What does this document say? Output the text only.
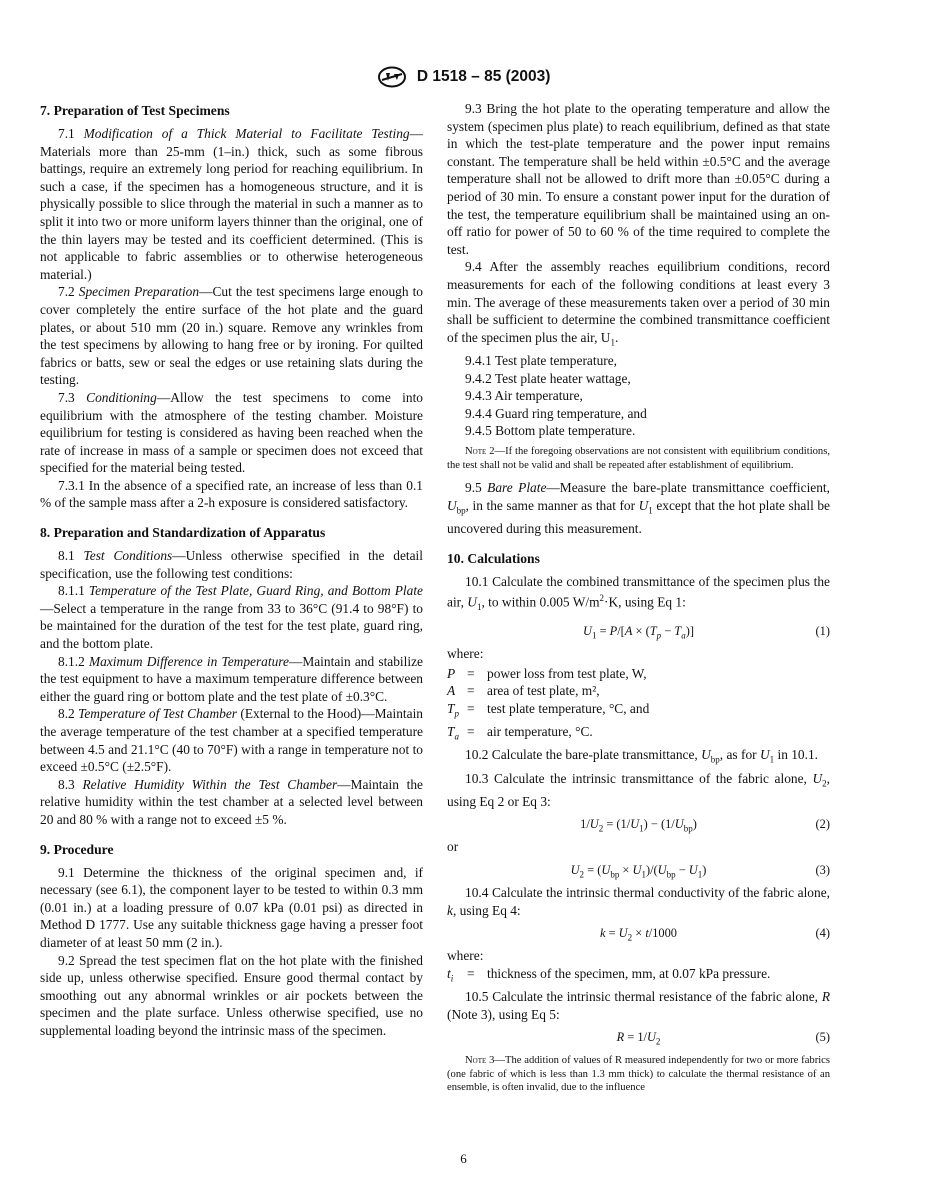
D 1518 – 85 (2003)
7. Preparation of Test Specimens

7.1 Modification of a Thick Material to Facilitate Testing—Materials more than 25-mm (1–in.) thick, such as some fibrous battings, require an extremely long period for reaching equilibrium. In such a case, if the specimen has a homogeneous structure, and it is physically possible to slice through the material in such a manner as to split it into two or more uniform layers thinner than the original, one of the thin layers may be tested and its coefficient determined. (This is not applicable to fabric assemblies or to otherwise heterogeneous material.)

7.2 Specimen Preparation—Cut the test specimens large enough to cover completely the entire surface of the hot plate and the guard plates, or about 510 mm (20 in.) square. Remove any wrinkles from the test specimens by allowing to hang free or by ironing. For quilted fabrics or batts, sew or seal the edges or use retaining slats during the testing.

7.3 Conditioning—Allow the test specimens to come into equilibrium with the atmosphere of the testing chamber. Moisture equilibrium for testing is considered as having been reached when the rate of increase in mass of a sample or specimen does not exceed that specified for the material being tested.

7.3.1 In the absence of a specified rate, an increase of less than 0.1 % of the sample mass after a 2-h exposure is considered satisfactory.

8. Preparation and Standardization of Apparatus

8.1 Test Conditions—Unless otherwise specified in the detail specification, use the following test conditions:

8.1.1 Temperature of the Test Plate, Guard Ring, and Bottom Plate—Select a temperature in the range from 33 to 36°C (91.4 to 98°F) to be maintained for the duration of the test for the test plate, guard ring, and the bottom plate.

8.1.2 Maximum Difference in Temperature—Maintain and stabilize the test equipment to have a maximum temperature difference between either the guard ring or bottom plate and the test plate of ±0.3°C.

8.2 Temperature of Test Chamber (External to the Hood)—Maintain the average temperature of the test chamber at a specified temperature between 4.5 and 21.1°C (40 to 70°F) with a range in temperature not to exceed ±0.5°C (±2.5°F).

8.3 Relative Humidity Within the Test Chamber—Maintain the relative humidity within the test chamber at a selected level between 20 and 80 % with a range not to exceed ±5 %.

9. Procedure

9.1 Determine the thickness of the original specimen and, if necessary (see 6.1), the component layer to be tested to within 0.3 mm (0.01 in.) at a loading pressure of 0.07 kPa (0.01 psi) as directed in Method D 1777. Use any suitable thickness gage having a presser foot diameter of at least 50 mm (2 in.).

9.2 Spread the test specimen flat on the hot plate with the finished side up, unless otherwise specified. Ensure good thermal contact by smoothing out any abnormal wrinkles or air pockets between the specimen and the plate surface. Unless otherwise specified, use no supplemental loading beyond the intrinsic mass of the specimen.

9.3 Bring the hot plate to the operating temperature and allow the system (specimen plus plate) to reach equilibrium, defined as that state in which the test-plate temperature and the power input remains constant. The temperature shall be held within ±0.5°C and the average temperature shall not be allowed to drift more than ±0.05°C during a period of 30 min. To ensure a constant power input for the duration of the test, the temperature equilibrium shall be maintained using an on-off ratio for power of 50 to 60 % of the time required to complete the test.

9.4 After the assembly reaches equilibrium conditions, record measurements for each of the following conditions at least every 3 min. The average of these measurements taken over a period of 30 min shall be sufficient to determine the combined transmittance coefficient of the specimen plus the air, $U_1$.

9.4.1 Test plate temperature,

9.4.2 Test plate heater wattage,

9.4.3 Air temperature,

9.4.4 Guard ring temperature, and

9.4.5 Bottom plate temperature.

Note 2—If the foregoing observations are not consistent with equilibrium conditions, the test shall not be valid and shall be repeated after establishment of equilibrium.

9.5 Bare Plate—Measure the bare-plate transmittance coefficient, $U_{bp}$, in the same manner as that for $U_1$ except that the hot plate shall be uncovered during this measurement.

10. Calculations

10.1 Calculate the combined transmittance of the specimen plus the air, $U_1$, to within 0.005 $W/m^2\cdot K$, using Eq 1:

$U_1 = P/[A \times (T_p - T_a)]$	(1)

where:

P = power loss from test plate, W,
A = area of test plate, m²,
$T_p$ = test plate temperature, °C, and
$T_a$ = air temperature, °C.

10.2 Calculate the bare-plate transmittance, $U_{bp}$, as for $U_1$ in 10.1.

10.3 Calculate the intrinsic transmittance of the fabric alone, $U_2$, using Eq 2 or Eq 3:

$1/U_2 = (1/U_1) - (1/U_{bp})$	(2)

or

$U_2 = (U_{bp} \times U_1)/(U_{bp} - U_1)$	(3)

10.4 Calculate the intrinsic thermal conductivity of the fabric alone, k, using Eq 4:

$k = U_2 \times t/1000$	(4)

where:

$t_i$	= thickness of the specimen, mm, at 0.07 kPa pressure.

10.5 Calculate the intrinsic thermal resistance of the fabric alone, R (Note 3), using Eq 5:

$R = 1/U_2$	(5)

Note 3—The addition of values of R measured independently for two or more fabrics (one fabric of which is less than 1.3 mm thick) to calculate the thermal resistance of an ensemble, is often invalid, due to the influence

6
